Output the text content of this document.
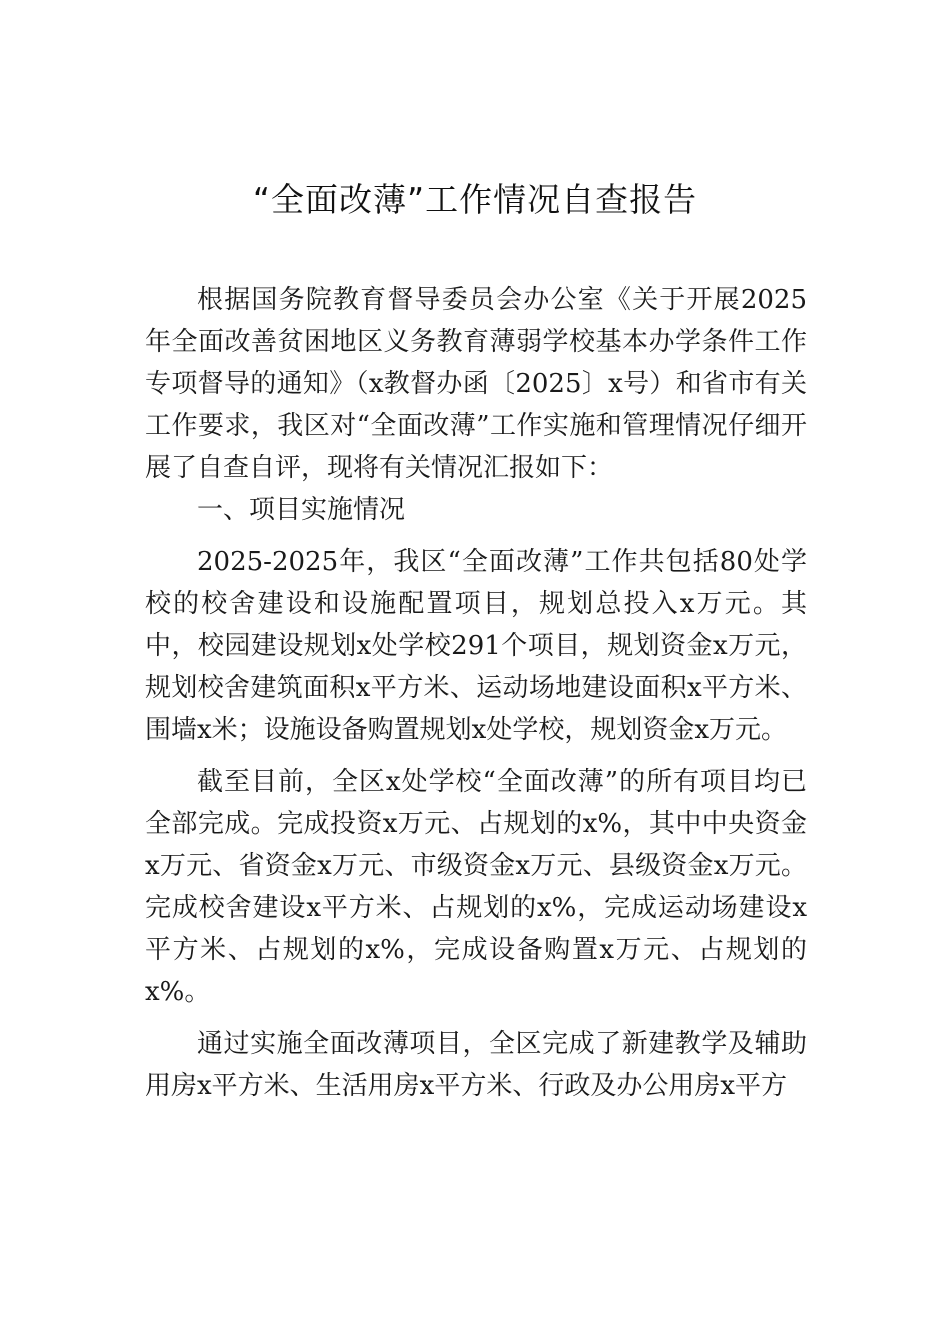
“全面改薄”工作情况自查报告

根据国务院教育督导委员会办公室《关于开展2025年全面改善贫困地区义务教育薄弱学校基本办学条件工作专项督导的通知》（x教督办函〔2025〕x号）和省市有关工作要求，我区对“全面改薄”工作实施和管理情况仔细开展了自查自评，现将有关情况汇报如下：

一、项目实施情况

2025-2025年，我区“全面改薄”工作共包括80处学校的校舍建设和设施配置项目，规划总投入x万元。其中，校园建设规划x处学校291个项目，规划资金x万元，规划校舍建筑面积x平方米、运动场地建设面积x平方米、围墙x米；设施设备购置规划x处学校，规划资金x万元。

截至目前，全区x处学校“全面改薄”的所有项目均已全部完成。完成投资x万元、占规划的x%，其中中央资金x万元、省资金x万元、市级资金x万元、县级资金x万元。完成校舍建设x平方米、占规划的x%，完成运动场建设x平方米、占规划的x%，完成设备购置x万元、占规划的x%。

通过实施全面改薄项目，全区完成了新建教学及辅助用房x平方米、生活用房x平方米、行政及办公用房x平方
